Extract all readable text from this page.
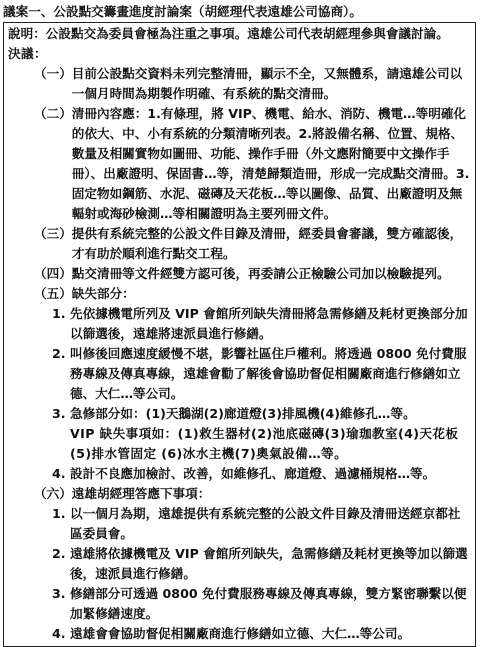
議案一、 公設點交籌畫進度討論案（胡經理代表遠雄公司協商）。
說明： 公設點交為委員會極為注重之事項。遠雄公司代表胡經理參與會議討論。
決議：
（一） 目前公設點交資料未列完整清冊，顯示不全，又無體系，請遠雄公司以一個月時間為期製作明確、有系統的點交清冊。
（二） 清冊內容應：1.有條理，將 VIP、機電、給水、消防、機電…等明確化的依大、中、小有系統的分類清晰列表。2.將設備名稱、位置、規格、數量及相關實物如圖冊、功能、操作手冊（外文應附簡要中文操作手冊）、出廠證明、保固書…等，清楚歸類造冊，形成一完成點交清冊。3.固定物如鋼筋、水泥、磁磚及天花板…等以圖像、品質、出廠證明及無輻射或海砂檢測…等相關證明為主要列冊文件。
（三） 提供有系統完整的公設文件目錄及清冊，經委員會審議，雙方確認後，才有助於順利進行點交工程。
（四） 點交清冊等文件經雙方認可後，再委請公正檢驗公司加以檢驗提列。
（五） 缺失部分：
1. 先依據機電所列及 VIP 會館所列缺失清冊將急需修繕及耗材更換部分加以篩選後，遠雄將速派員進行修繕。
2. 叫修後回應速度緩慢不堪，影響社區住戶權利。將透過 0800 免付費服務專線及傳真專線，遠雄會勸了解後會協助督促相關廠商進行修繕如立德、大仁…等公司。
3. 急修部分如：(1)天鵝湖(2)廊道燈(3)排風機(4)維修孔…等。
VIP 缺失事項如：(1)救生器材(2)池底磁磚(3)瑜珈教室(4)天花板
(5)排水管固定 (6)冰水主機(7)奧氣設備…等。
4. 設計不良應加檢討、改善，如維修孔、廊道燈、過濾桶規格…等。
（六） 遠雄胡經理答應下事項：
1. 以一個月為期，遠雄提供有系統完整的公設文件目錄及清冊送經京都社區委員會。
2. 遠雄將依據機電及 VIP 會館所列缺失，急需修繕及耗材更換等加以篩選後，速派員進行修繕。
3. 修繕部分可透過 0800 免付費服務專線及傳真專線，雙方緊密聯繫以便加緊修繕速度。
4. 遠雄會會協助督促相關廠商進行修繕如立德、大仁…等公司。
